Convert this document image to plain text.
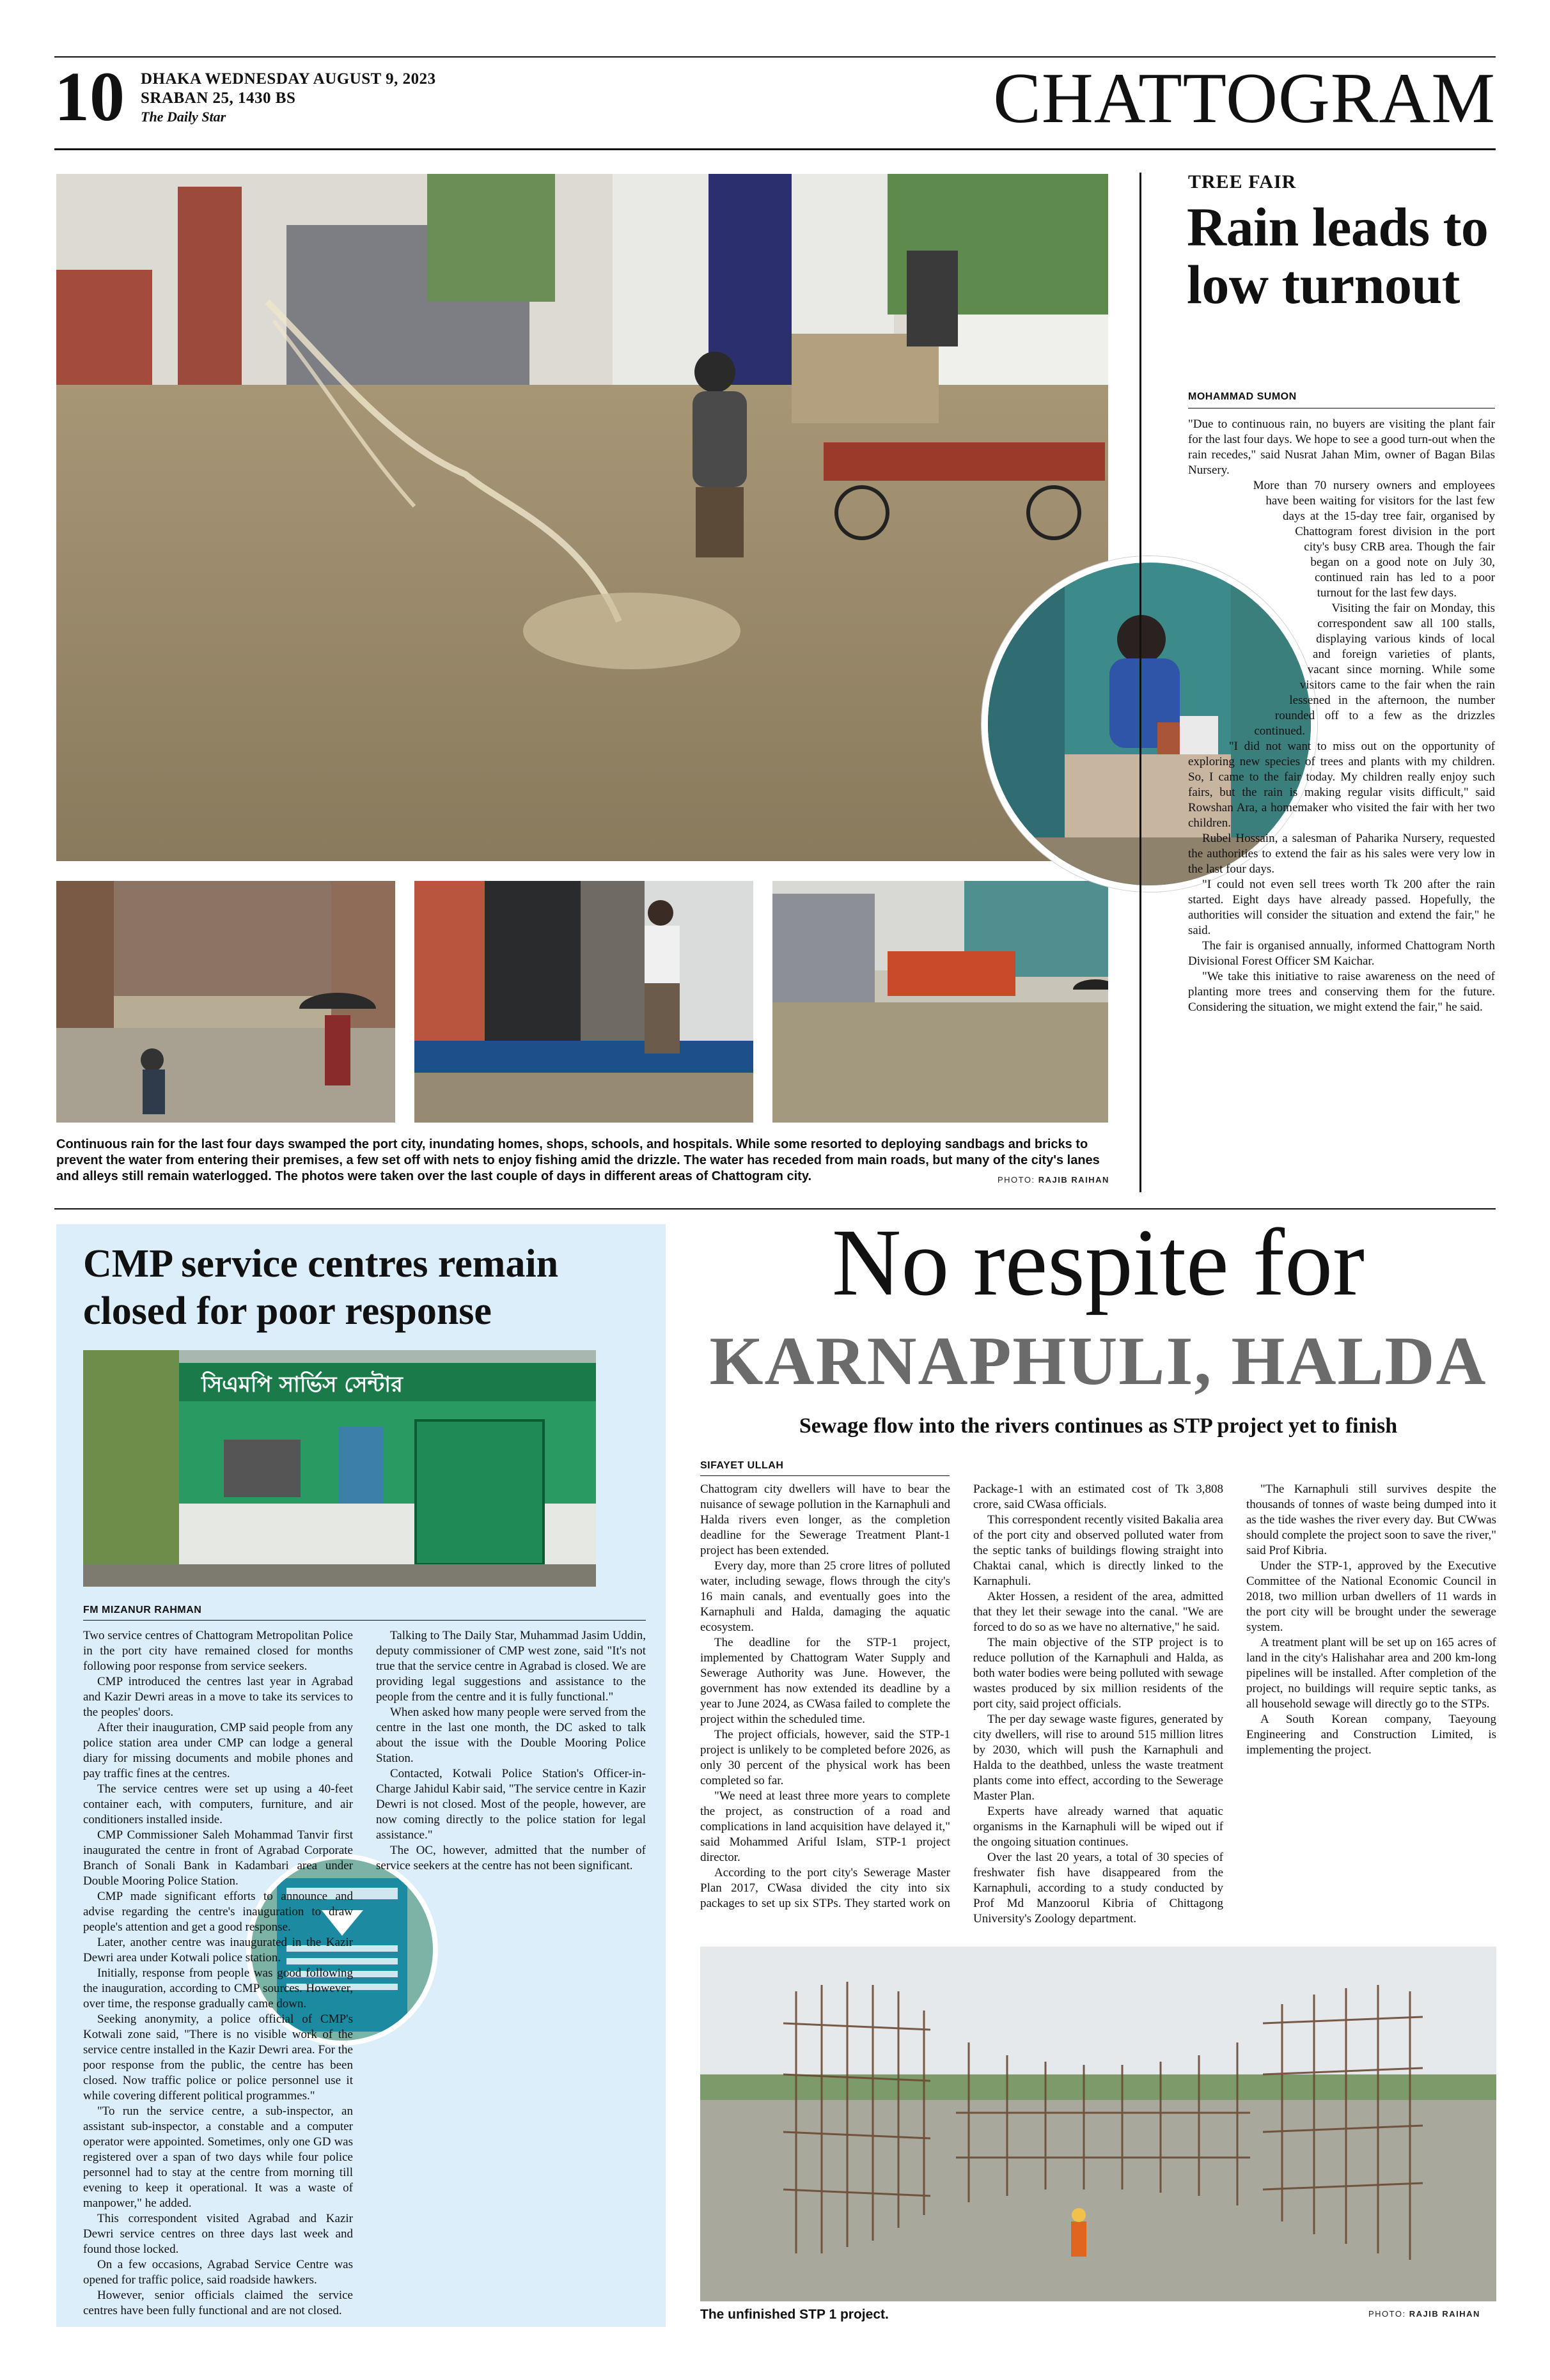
10 DHAKA WEDNESDAY AUGUST 9, 2023
SRABAN 25, 1430 BS
The Daily Star	CHATTOGRAM
Continuous rain for the last four days swamped the port city, inundating homes, shops, schools, and hospitals. While some resorted to deploying sandbags and bricks to prevent the water from entering their premises, a few set off with nets to enjoy fishing amid the drizzle. The water has receded from main roads, but many of the city's lanes and alleys still remain waterlogged. The photos were taken over the last couple of days in different areas of Chattogram city.	PHOTO: RAJIB RAIHAN
TREE FAIR
Rain leads to low turnout
MOHAMMAD SUMON

"Due to continuous rain, no buyers are visiting the plant fair for the last four days. We hope to see a good turn-out when the rain recedes," said Nusrat Jahan Mim, owner of Bagan Bilas Nursery.

More than 70 nursery owners and employees have been waiting for visitors for the last few days at the 15-day tree fair, organised by Chattogram forest division in the port city's busy CRB area. Though the fair began on a good note on July 30, continued rain has led to a poor turnout for the last few days.

Visiting the fair on Monday, this correspondent saw all 100 stalls, displaying various kinds of local and foreign varieties of plants, vacant since morning. While some visitors came to the fair when the rain lessened in the afternoon, the number rounded off to a few as the drizzles continued.

"I did not want to miss out on the opportunity of exploring new species of trees and plants with my children. So, I came to the fair today. My children really enjoy such fairs, but the rain is making regular visits difficult," said Rowshan Ara, a homemaker who visited the fair with her two children.

Rubel Hossain, a salesman of Paharika Nursery, requested the authorities to extend the fair as his sales were very low in the last four days.

"I could not even sell trees worth Tk 200 after the rain started. Eight days have already passed. Hopefully, the authorities will consider the situation and extend the fair," he said.

The fair is organised annually, informed Chattogram North Divisional Forest Officer SM Kaichar.

"We take this initiative to raise awareness on the need of planting more trees and conserving them for the future. Considering the situation, we might extend the fair," he said.

CMP service centres remain closed for poor response
সিএমপি সার্ভিস সেন্টার
FM MIZANUR RAHMAN

Two service centres of Chattogram Metropolitan Police in the port city have remained closed for months following poor response from service seekers.

CMP introduced the centres last year in Agrabad and Kazir Dewri areas in a move to take its services to the peoples' doors.

After their inauguration, CMP said people from any police station area under CMP can lodge a general diary for missing documents and mobile phones and pay traffic fines at the centres.

The service centres were set up using a 40-feet container each, with computers, furniture, and air conditioners installed inside.

CMP Commissioner Saleh Mohammad Tanvir first inaugurated the centre in front of Agrabad Corporate Branch of Sonali Bank in Kadambari area under Double Mooring Police Station.

CMP made significant efforts to announce and advise regarding the centre's inauguration to draw people's attention and get a good response.

Later, another centre was inaugurated in the Kazir Dewri area under Kotwali police station.

Initially, response from people was good following the inauguration, according to CMP sources. However, over time, the response gradually came down.

Seeking anonymity, a police official of CMP's Kotwali zone said, "There is no visible work of the service centre installed in the Kazir Dewri area. For the poor response from the public, the centre has been closed. Now traffic police or police personnel use it while covering different political programmes."

"To run the service centre, a sub-inspector, an assistant sub-inspector, a constable and a computer operator were appointed. Sometimes, only one GD was registered over a span of two days while four police personnel had to stay at the centre from morning till evening to keep it operational. It was a waste of manpower," he added.

This correspondent visited Agrabad and Kazir Dewri service centres on three days last week and found those locked.

On a few occasions, Agrabad Service Centre was opened for traffic police, said roadside hawkers.

However, senior officials claimed the service centres have been fully functional and are not closed.

Talking to The Daily Star, Muhammad Jasim Uddin, deputy commissioner of CMP west zone, said "It's not true that the service centre in Agrabad is closed. We are providing legal suggestions and assistance to the people from the centre and it is fully functional."

When asked how many people were served from the centre in the last one month, the DC asked to talk about the issue with the Double Mooring Police Station.

Contacted, Kotwali Police Station's Officer-in-Charge Jahidul Kabir said, "The service centre in Kazir Dewri is not closed. Most of the people, however, are now coming directly to the police station for legal assistance."

The OC, however, admitted that the number of service seekers at the centre has not been significant.

No respite for
KARNAPHULI, HALDA
Sewage flow into the rivers continues as STP project yet to finish
SIFAYET ULLAH

Chattogram city dwellers will have to bear the nuisance of sewage pollution in the Karnaphuli and Halda rivers even longer, as the completion deadline for the Sewerage Treatment Plant-1 project has been extended.

Every day, more than 25 crore litres of polluted water, including sewage, flows through the city's 16 main canals, and eventually goes into the Karnaphuli and Halda, damaging the aquatic ecosystem.

The deadline for the STP-1 project, implemented by Chattogram Water Supply and Sewerage Authority was June. However, the government has now extended its deadline by a year to June 2024, as CWasa failed to complete the project within the scheduled time.

The project officials, however, said the STP-1 project is unlikely to be completed before 2026, as only 30 percent of the physical work has been completed so far.

"We need at least three more years to complete the project, as construction of a road and complications in land acquisition have delayed it," said Mohammed Ariful Islam, STP-1 project director.

According to the port city's Sewerage Master Plan 2017, CWasa divided the city into six packages to set up six STPs. They started work on Package-1 with an estimated cost of Tk 3,808 crore, said CWasa officials.

This correspondent recently visited Bakalia area of the port city and observed polluted water from the septic tanks of buildings flowing straight into Chaktai canal, which is directly linked to the Karnaphuli.

Akter Hossen, a resident of the area, admitted that they let their sewage into the canal. "We are forced to do so as we have no alternative," he said.

The main objective of the STP project is to reduce pollution of the Karnaphuli and Halda, as both water bodies were being polluted with sewage wastes produced by six million residents of the port city, said project officials.

The per day sewage waste figures, generated by city dwellers, will rise to around 515 million litres by 2030, which will push the Karnaphuli and Halda to the deathbed, unless the waste treatment plants come into effect, according to the Sewerage Master Plan.

Experts have already warned that aquatic organisms in the Karnaphuli will be wiped out if the ongoing situation continues.

Over the last 20 years, a total of 30 species of freshwater fish have disappeared from the Karnaphuli, according to a study conducted by Prof Md Manzoorul Kibria of Chittagong University's Zoology department.

"The Karnaphuli still survives despite the thousands of tonnes of waste being dumped into it as the tide washes the river every day. But CWwas should complete the project soon to save the river," said Prof Kibria.

Under the STP-1, approved by the Executive Committee of the National Economic Council in 2018, two million urban dwellers of 11 wards in the port city will be brought under the sewerage system.

A treatment plant will be set up on 165 acres of land in the city's Halishahar area and 200 km-long pipelines will be installed. After completion of the project, no buildings will require septic tanks, as all household sewage will directly go to the STPs.

A South Korean company, Taeyoung Engineering and Construction Limited, is implementing the project.

The unfinished STP 1 project.	PHOTO: RAJIB RAIHAN
